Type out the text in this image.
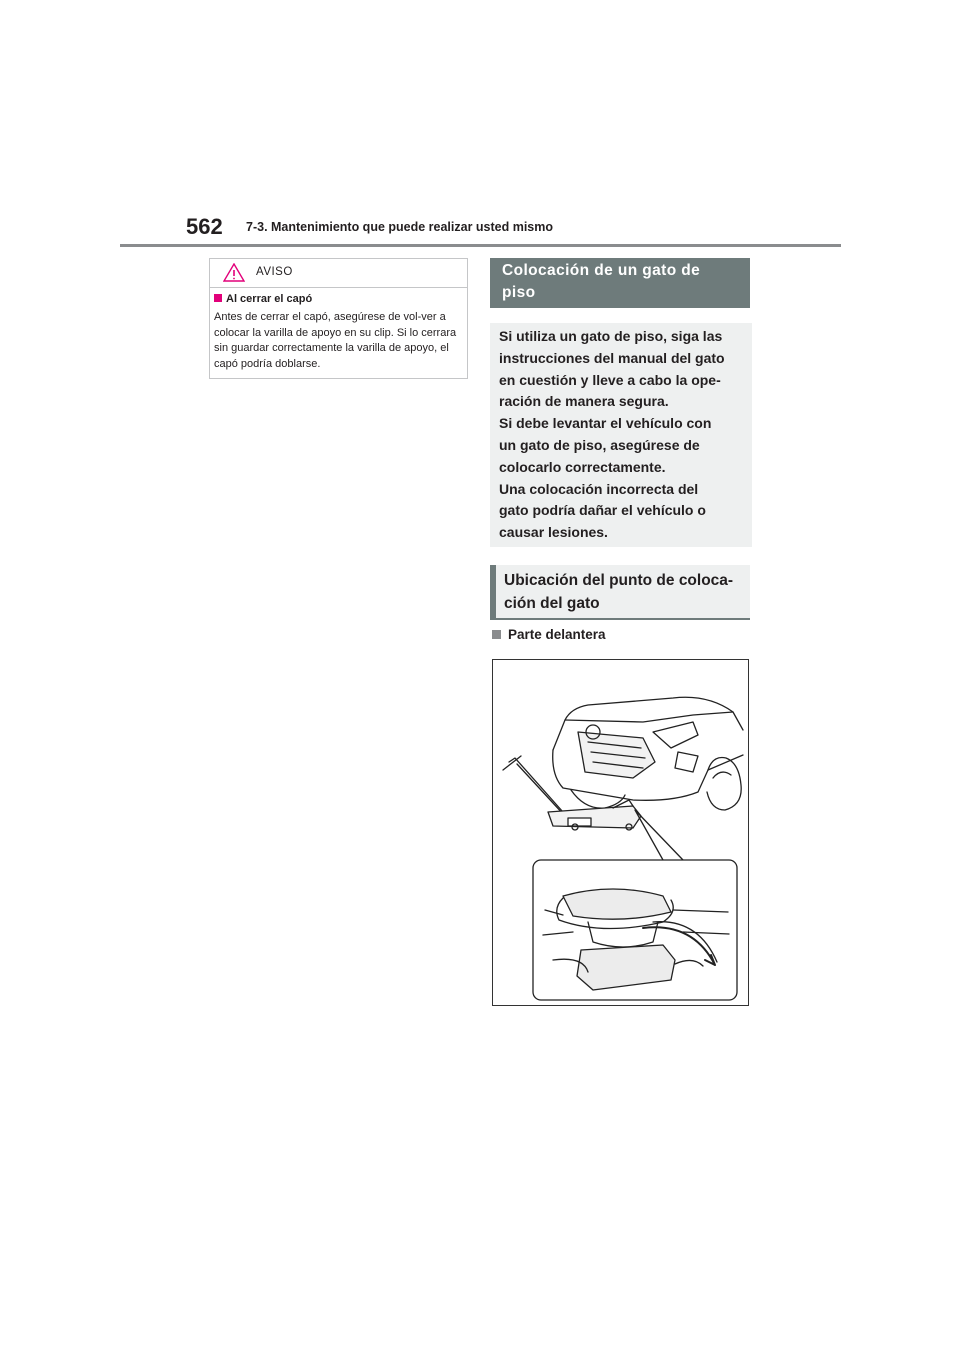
562 7-3. Mantenimiento que puede realizar usted mismo
AVISO
Al cerrar el capó
Antes de cerrar el capó, asegúrese de vol-ver a colocar la varilla de apoyo en su clip. Si lo cerrara sin guardar correctamente la varilla de apoyo, el capó podría doblarse.
Colocación de un gato de piso

Si utiliza un gato de piso, siga las

instrucciones del manual del gato

en cuestión y lleve a cabo la ope-

ración de manera segura.

Si debe levantar el vehículo con

un gato de piso, asegúrese de

colocarlo correctamente.

Una colocación incorrecta del

gato podría dañar el vehículo o

causar lesiones.

Ubicación del punto de coloca-ción del gato
Parte delantera
